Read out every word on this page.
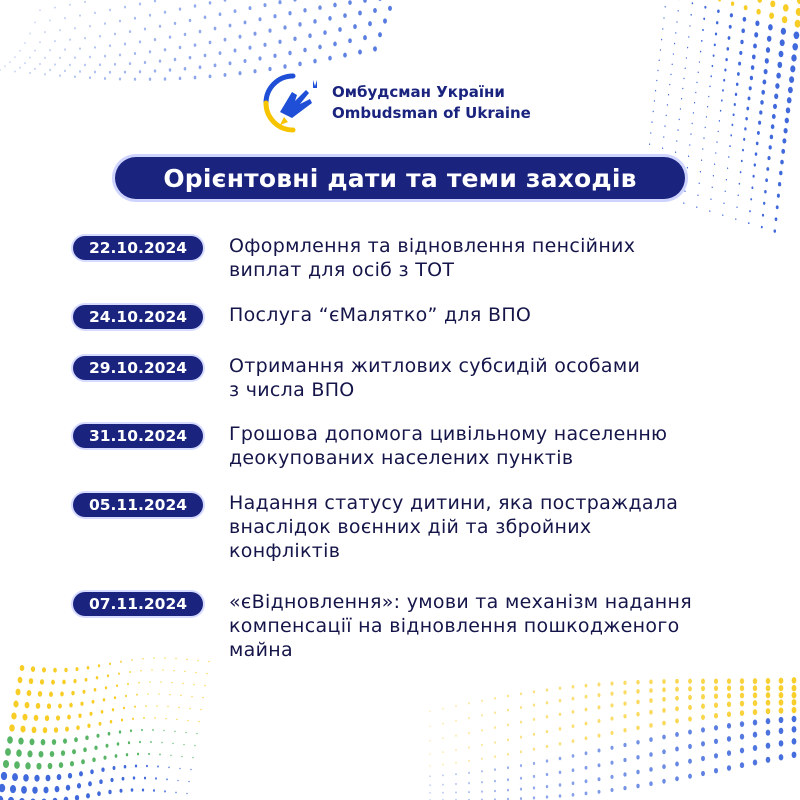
Омбудсман України
Ombudsman of Ukraine
Орієнтовні дати та теми заходів
22.10.2024	Оформлення та відновлення пенсійних
виплат для осіб з ТОТ
24.10.2024	Послуга “єМалятко” для ВПО
29.10.2024	Отримання житлових субсидій особами
з числа ВПО
31.10.2024	Грошова допомога цивільному населенню
деокупованих населених пунктів
05.11.2024	Надання статусу дитини, яка постраждала
внаслідок воєнних дій та збройних
конфліктів
07.11.2024	«єВідновлення»: умови та механізм надання
компенсації на відновлення пошкодженого
майна
